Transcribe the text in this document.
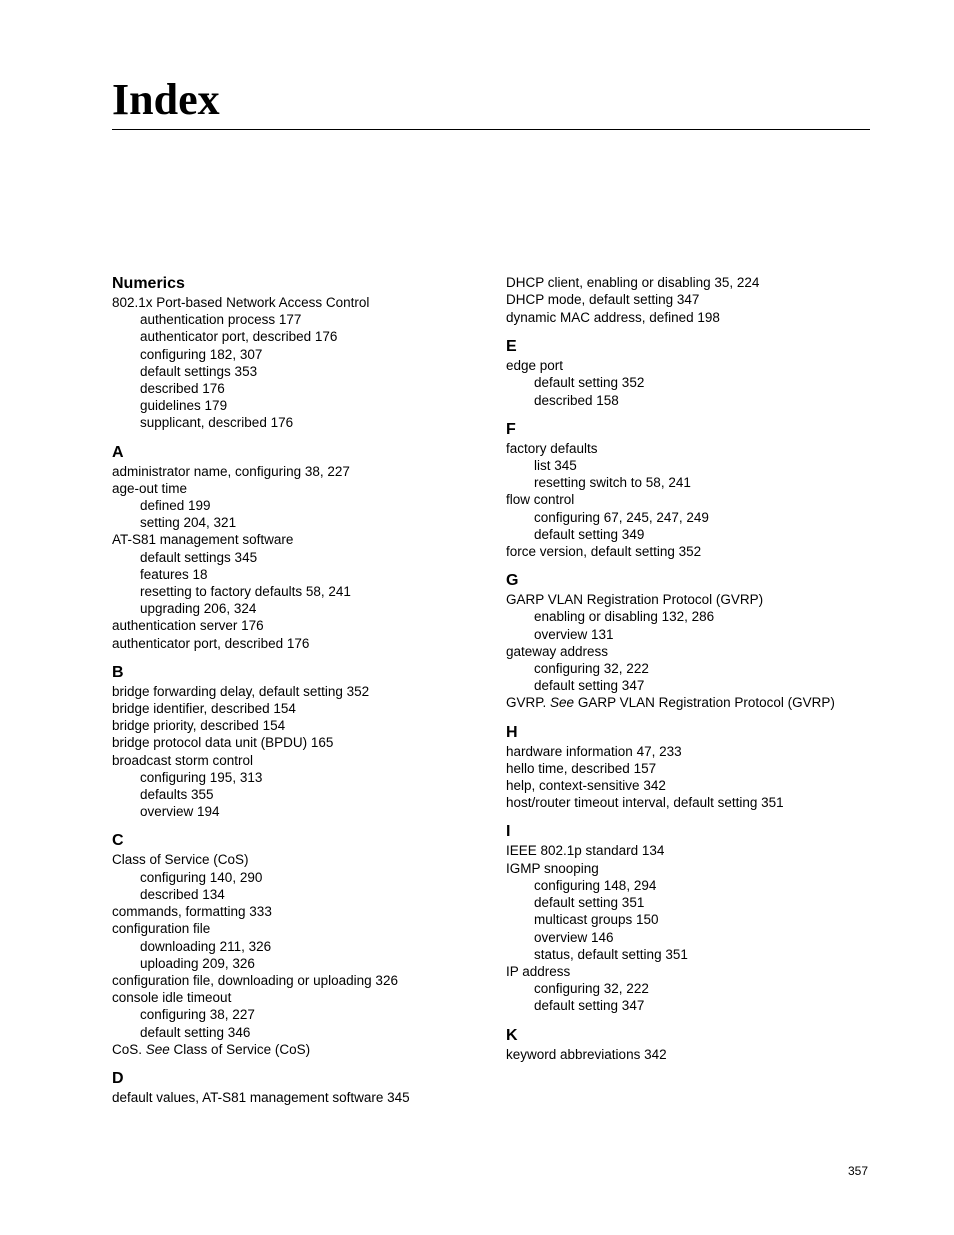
Index
Numerics
802.1x Port-based Network Access Control
authentication process 177
authenticator port, described 176
configuring 182, 307
default settings 353
described 176
guidelines 179
supplicant, described 176
A
administrator name, configuring 38, 227
age-out time
defined 199
setting 204, 321
AT-S81 management software
default settings 345
features 18
resetting to factory defaults 58, 241
upgrading 206, 324
authentication server 176
authenticator port, described 176
B
bridge forwarding delay, default setting 352
bridge identifier, described 154
bridge priority, described 154
bridge protocol data unit (BPDU) 165
broadcast storm control
configuring 195, 313
defaults 355
overview 194
C
Class of Service (CoS)
configuring 140, 290
described 134
commands, formatting 333
configuration file
downloading 211, 326
uploading 209, 326
configuration file, downloading or uploading 326
console idle timeout
configuring 38, 227
default setting 346
CoS. See Class of Service (CoS)
D
default values, AT-S81 management software 345
DHCP client, enabling or disabling 35, 224
DHCP mode, default setting 347
dynamic MAC address, defined 198
E
edge port
default setting 352
described 158
F
factory defaults
list 345
resetting switch to 58, 241
flow control
configuring 67, 245, 247, 249
default setting 349
force version, default setting 352
G
GARP VLAN Registration Protocol (GVRP)
enabling or disabling 132, 286
overview 131
gateway address
configuring 32, 222
default setting 347
GVRP. See GARP VLAN Registration Protocol (GVRP)
H
hardware information 47, 233
hello time, described 157
help, context-sensitive 342
host/router timeout interval, default setting 351
I
IEEE 802.1p standard 134
IGMP snooping
configuring 148, 294
default setting 351
multicast groups 150
overview 146
status, default setting 351
IP address
configuring 32, 222
default setting 347
K
keyword abbreviations 342
357
